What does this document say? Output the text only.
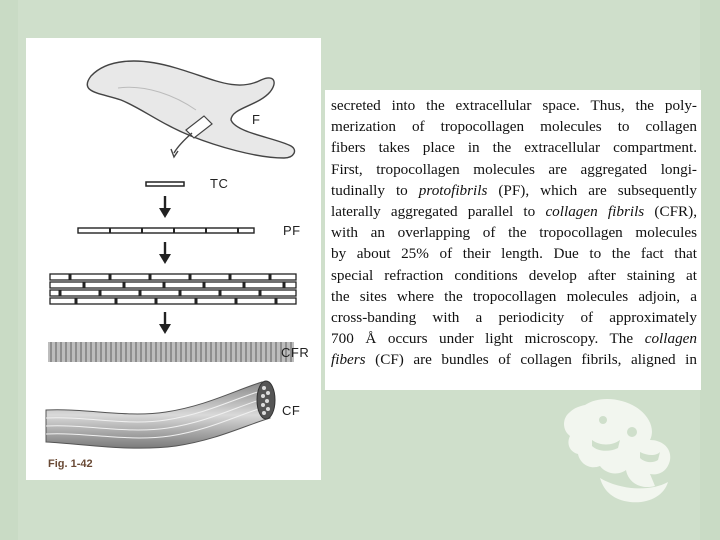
F
TC
PF
CFR
CF
Fig. 1-42

secreted into the extracellular space. Thus, the poly-
merization of tropocollagen molecules to collagen
fibers takes place in the extracellular compartment.
First, tropocollagen molecules are aggregated longi-
tudinally to protofibrils (PF), which are subsequently
laterally aggregated parallel to collagen fibrils (CFR),
with an overlapping of the tropocollagen molecules
by about 25% of their length. Due to the fact that
special refraction conditions develop after staining at
the sites where the tropocollagen molecules adjoin, a
cross-banding with a periodicity of approximately
700 Å occurs under light microscopy. The collagen
fibers (CF) are bundles of collagen fibrils, aligned in
